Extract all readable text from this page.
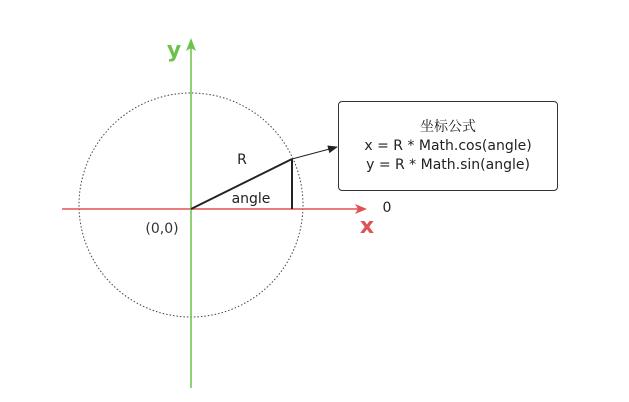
y
x
0
(0,0)
R
angle
坐标公式
x = R * Math.cos(angle)
y = R * Math.sin(angle)
